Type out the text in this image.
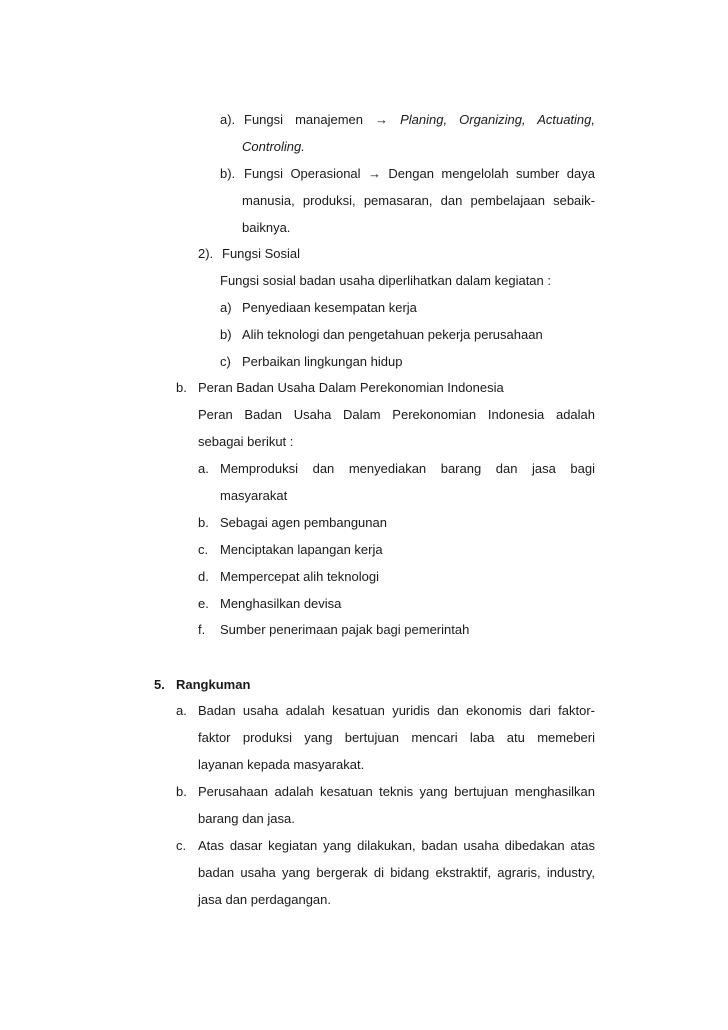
a). Fungsi manajemen → Planing, Organizing, Actuating,
Controling.
b). Fungsi Operasional → Dengan mengelolah sumber daya
manusia, produksi, pemasaran, dan pembelajaan sebaik-
baiknya.
2). Fungsi Sosial
Fungsi sosial badan usaha diperlihatkan dalam kegiatan :
a) Penyediaan kesempatan kerja
b) Alih teknologi dan pengetahuan pekerja perusahaan
c) Perbaikan lingkungan hidup
b. Peran Badan Usaha Dalam Perekonomian Indonesia
Peran Badan Usaha Dalam Perekonomian Indonesia adalah
sebagai berikut :
a. Memproduksi dan menyediakan barang dan jasa bagi
masyarakat
b. Sebagai agen pembangunan
c. Menciptakan lapangan kerja
d. Mempercepat alih teknologi
e. Menghasilkan devisa
f. Sumber penerimaan pajak bagi pemerintah
5. Rangkuman
a. Badan usaha adalah kesatuan yuridis dan ekonomis dari faktor-
faktor produksi yang bertujuan mencari laba atu memeberi
layanan kepada masyarakat.
b. Perusahaan adalah kesatuan teknis yang bertujuan menghasilkan
barang dan jasa.
c. Atas dasar kegiatan yang dilakukan, badan usaha dibedakan atas
badan usaha yang bergerak di bidang ekstraktif, agraris, industry,
jasa dan perdagangan.
